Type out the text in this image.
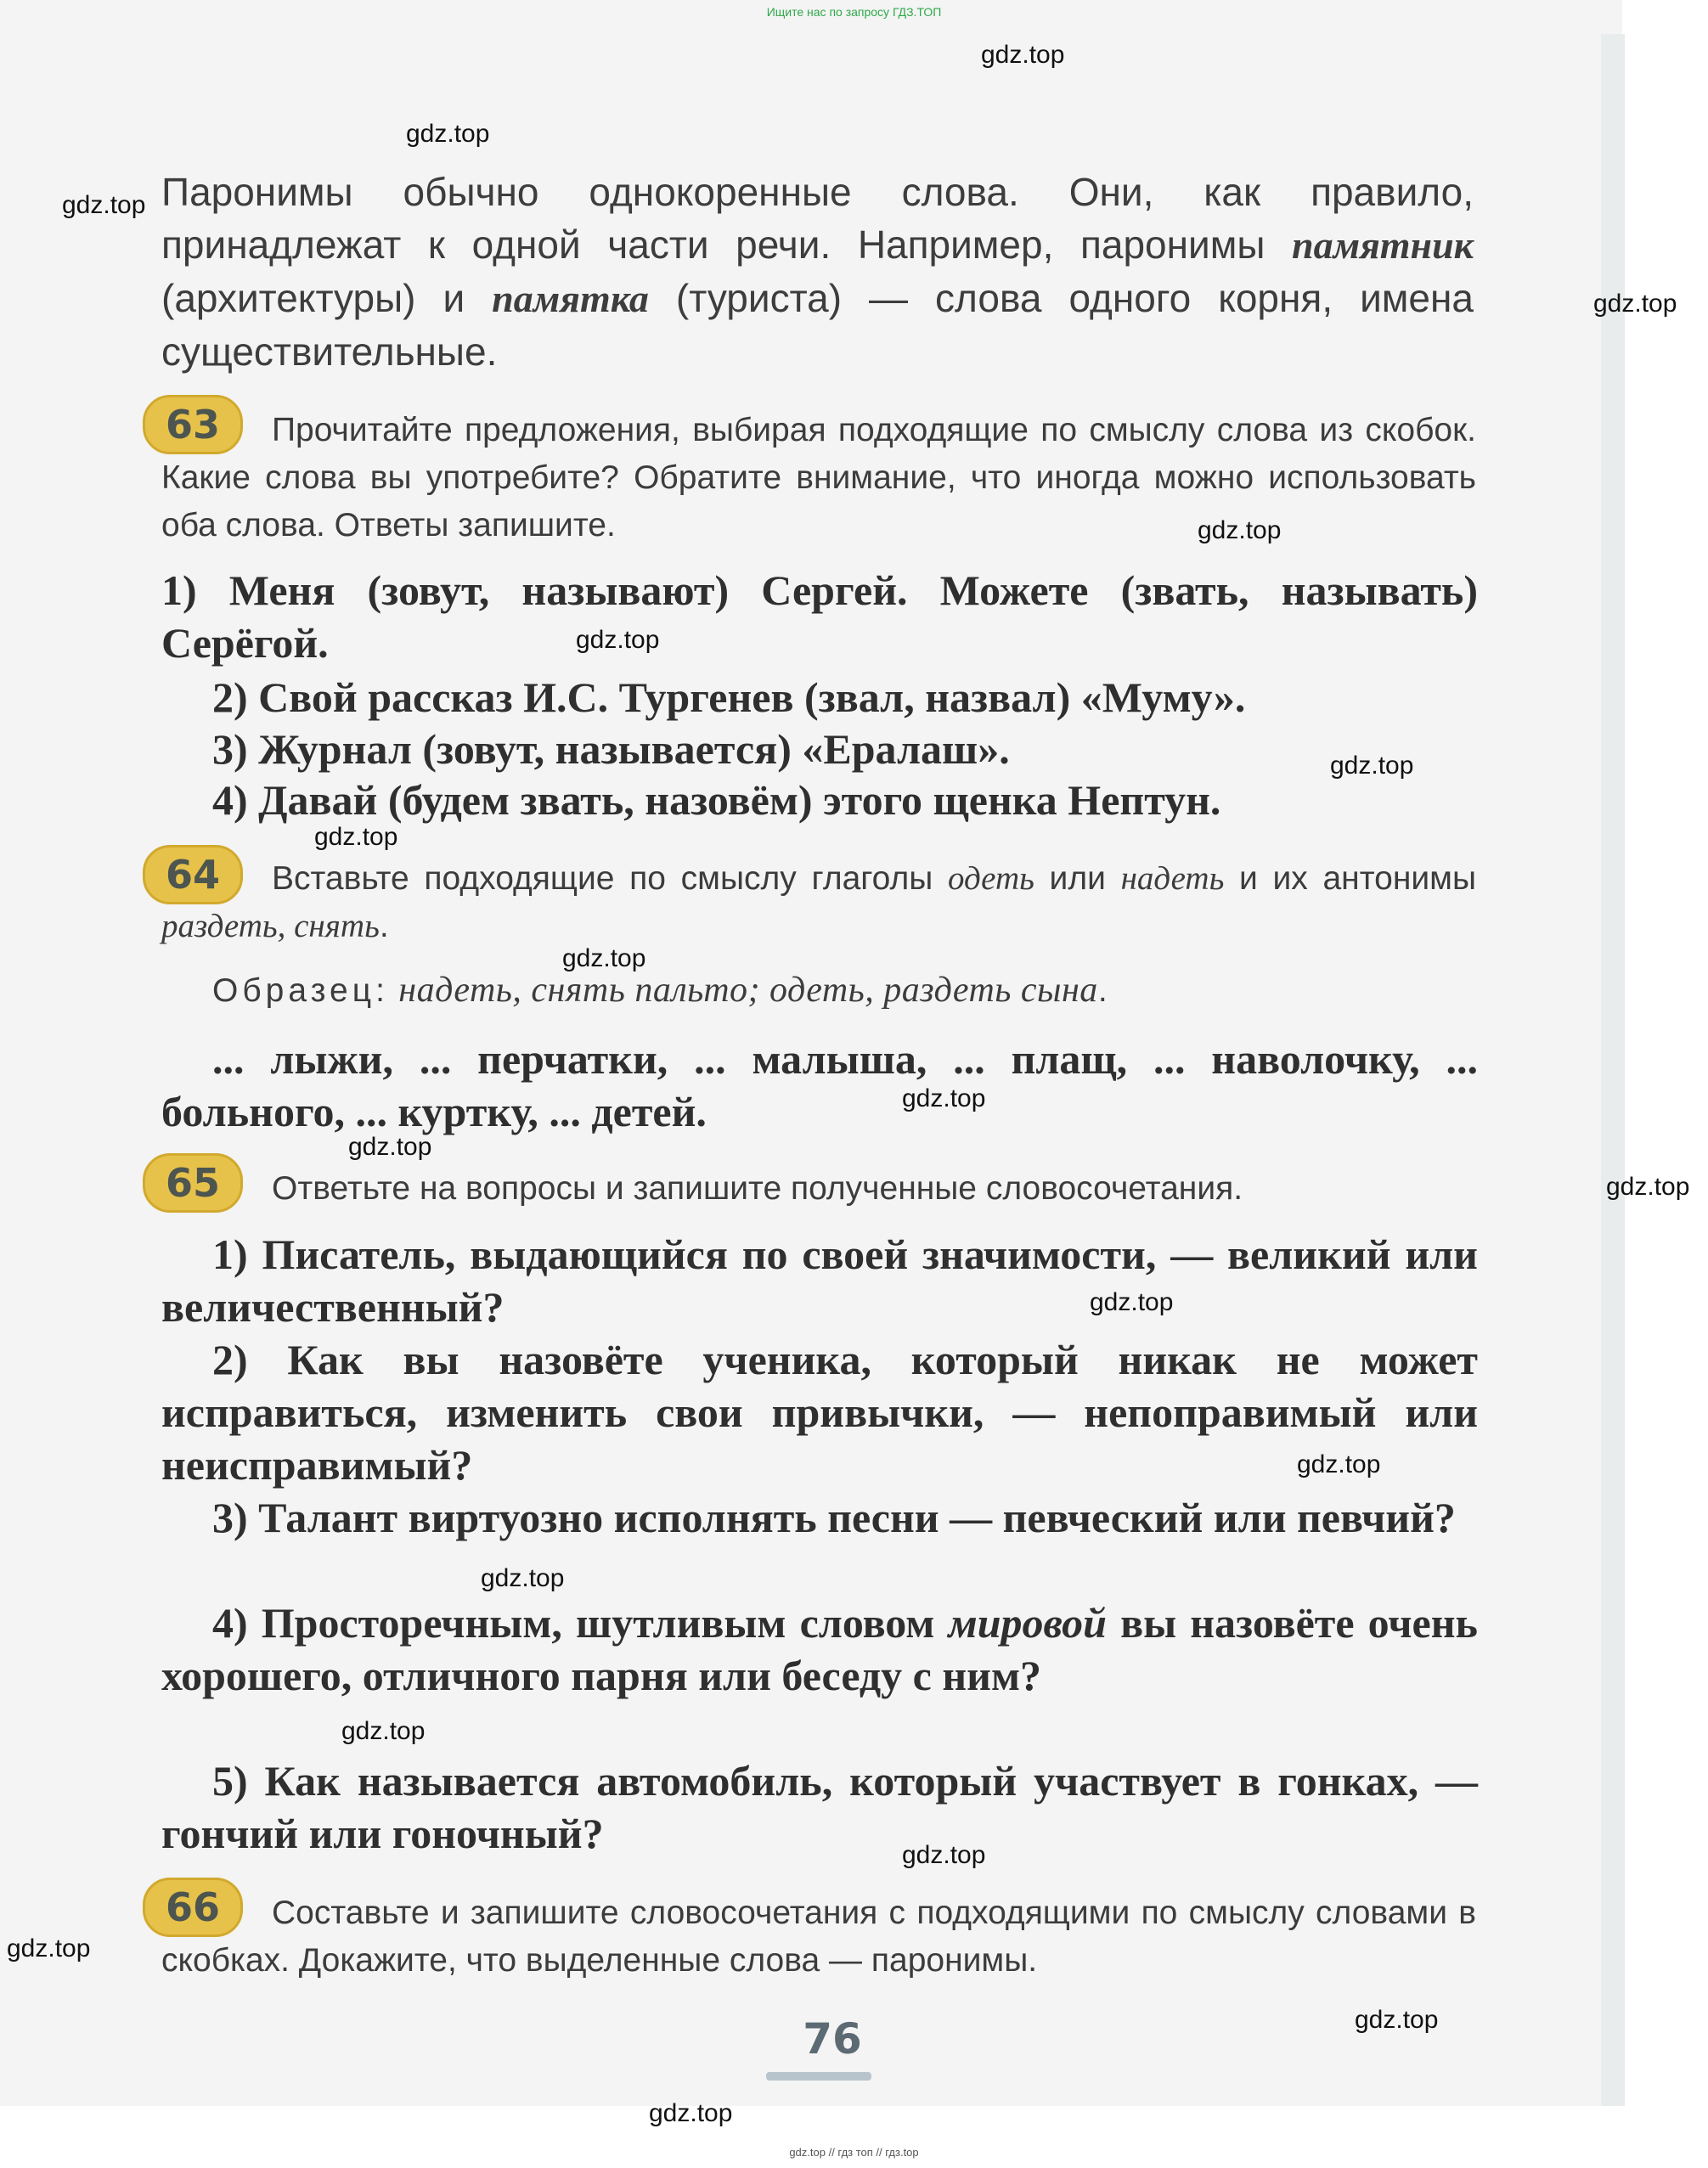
Ищите нас по запросу ГДЗ.ТОП
gdz.top // гдз топ // гдз.top
Паронимы обычно однокоренные слова. Они, как правило, принадлежат к одной части речи. Например, паронимы памятник (архитектуры) и памятка (туриста) — слова одного корня, имена существительные.
63	Прочитайте предложения, выбирая подходящие по смыслу слова из скобок. Какие слова вы употребите? Обратите внимание, что иногда можно использовать оба слова. Ответы запишите.
1) Меня (зовут, называют) Сергей. Можете (звать, называть) Серёгой.
2) Свой рассказ И.С. Тургенев (звал, назвал) «Муму».
3) Журнал (зовут, называется) «Ералаш».
4) Давай (будем звать, назовём) этого щенка Нептун.
64	Вставьте подходящие по смыслу глаголы одеть или надеть и их антонимы раздеть, снять.
Образец: надеть, снять пальто; одеть, раздеть сына.
... лыжи, ... перчатки, ... малыша, ... плащ, ... наволочку, ... больного, ... куртку, ... детей.
65	Ответьте на вопросы и запишите полученные словосочетания.
1) Писатель, выдающийся по своей значимости, — великий или величественный?
2) Как вы назовёте ученика, который никак не может исправиться, изменить свои привычки, — непоправимый или неисправимый?
3) Талант виртуозно исполнять песни — певческий или певчий?
4) Просторечным, шутливым словом мировой вы назовёте очень хорошего, отличного парня или беседу с ним?
5) Как называется автомобиль, который участвует в гонках, — гончий или гоночный?
66	Составьте и запишите словосочетания с подходящими по смыслу словами в скобках. Докажите, что выделенные слова — паронимы.
76
gdz.top
gdz.top
gdz.top
gdz.top
gdz.top
gdz.top
gdz.top
gdz.top
gdz.top
gdz.top
gdz.top
gdz.top
gdz.top
gdz.top
gdz.top
gdz.top
gdz.top
gdz.top
gdz.top
gdz.top
